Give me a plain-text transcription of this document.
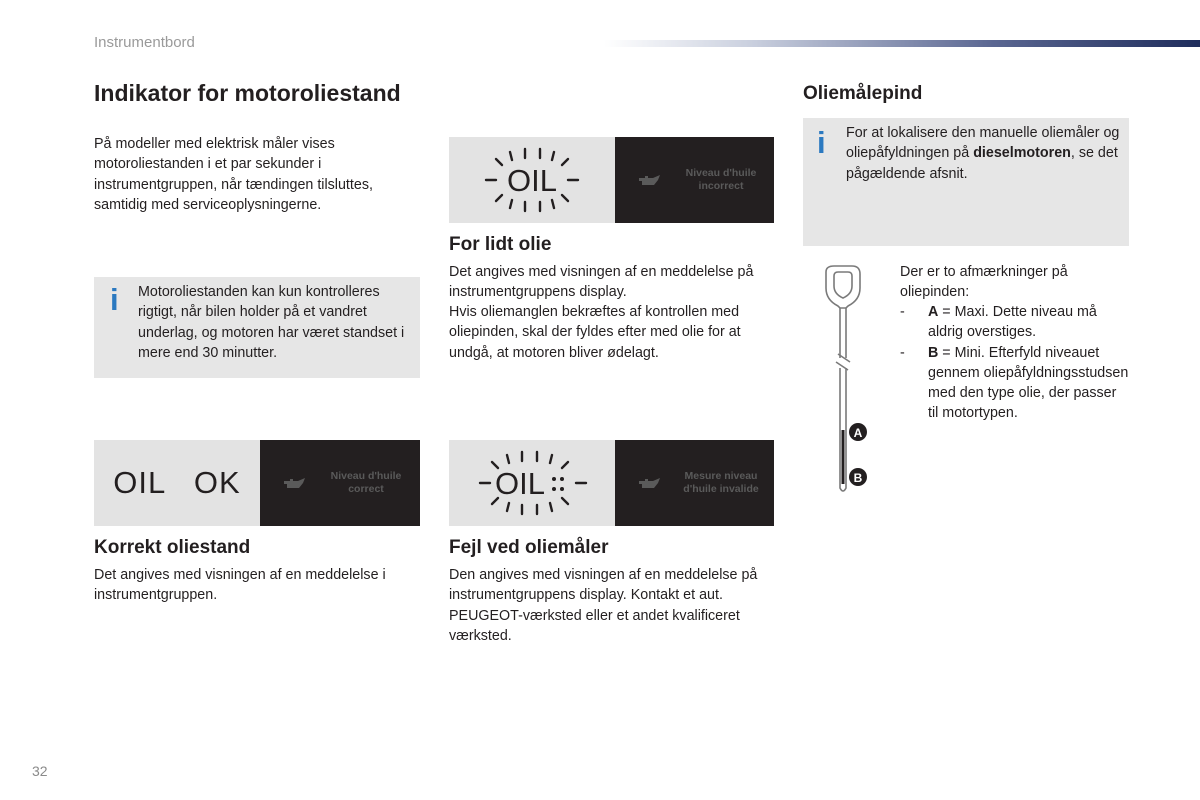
Instrumentbord
Indikator for motoroliestand

På modeller med elektrisk måler vises motoroliestanden i et par sekunder i instrumentgruppen, når tændingen tilsluttes, samtidig med serviceoplysningerne.

i Motoroliestanden kan kun kontrolleres rigtigt, når bilen holder på et vandret underlag, og motoren har været standset i mere end 30 minutter.
OIL	Niveau d'huile incorrect
For lidt olie

Det angives med visningen af en meddelelse på instrumentgruppens display.

Hvis oliemanglen bekræftes af kontrollen med oliepinden, skal der fyldes efter med olie for at undgå, at motoren bliver ødelagt.

OIL   OK	Niveau d'huile correct
Korrekt oliestand

Det angives med visningen af en meddelelse i instrumentgruppen.

OIL	Mesure niveau d'huile invalide
Fejl ved oliemåler

Den angives med visningen af en meddelelse på instrumentgruppens display. Kontakt et aut. PEUGEOT-værksted eller et andet kvalificeret værksted.

Oliemålepind
i For at lokalisere den manuelle oliemåler og oliepåfyldningen på dieselmotoren, se det pågældende afsnit.
A
B

Der er to afmærkninger på oliepinden:

- A = Maxi. Dette niveau må aldrig overstiges.
- B = Mini. Efterfyld niveauet gennem oliepåfyldningsstudsen med den type olie, der passer til motortypen.
32
